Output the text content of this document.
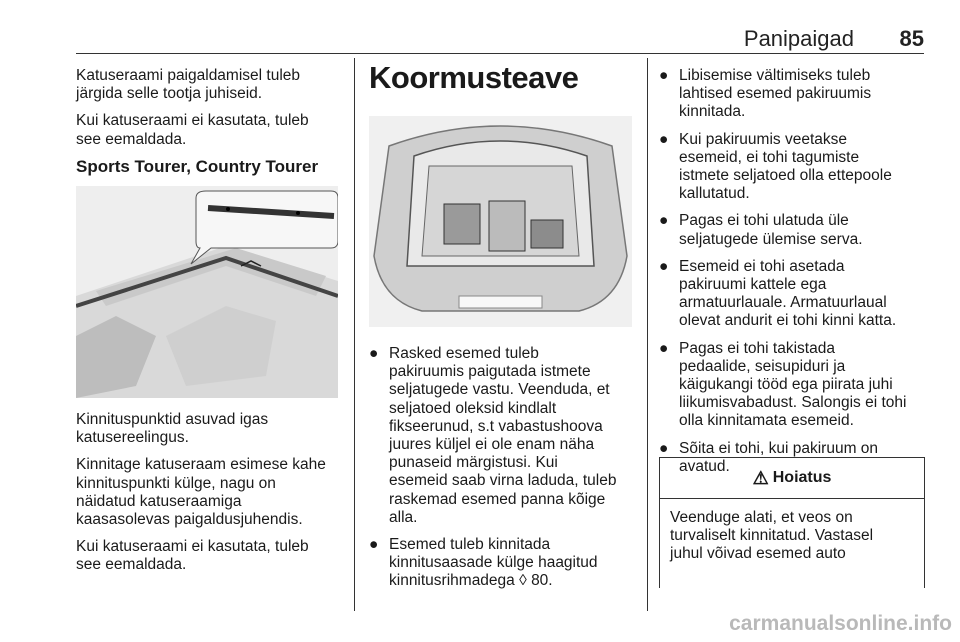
Panipaigad 85

Katuseraami paigaldamisel tuleb
järgida selle tootja juhiseid.

Kui katuseraami ei kasutata, tuleb
see eemaldada.

Sports Tourer, Country Tourer

Kinnituspunktid asuvad igas
katusereelingus.

Kinnitage katuseraam esimese kahe
kinnituspunkti külge, nagu on
näidatud katuseraamiga
kaasasolevas paigaldusjuhendis.

Kui katuseraami ei kasutata, tuleb
see eemaldada.

Koormusteave
● Rasked esemed tuleb
pakiruumis paigutada istmete
seljatugede vastu. Veenduda, et
seljatoed oleksid kindlalt
fikseerunud, s.t vabastushoova
juures küljel ei ole enam näha
punaseid märgistusi. Kui
esemeid saab virna laduda, tuleb
raskemad esemed panna kõige
alla.
● Esemed tuleb kinnitada
kinnitusaasade külge haagitud
kinnitusrihmadega ◊ 80.
● Libisemise vältimiseks tuleb
lahtised esemed pakiruumis
kinnitada.
● Kui pakiruumis veetakse
esemeid, ei tohi tagumiste
istmete seljatoed olla ettepoole
kallutatud.
● Pagas ei tohi ulatuda üle
seljatugede ülemise serva.
● Esemeid ei tohi asetada
pakiruumi kattele ega
armatuurlauale. Armatuurlaual
olevat andurit ei tohi kinni katta.
● Pagas ei tohi takistada
pedaalide, seisupiduri ja
käigukangi tööd ega piirata juhi
liikumisvabadust. Salongis ei tohi
olla kinnitamata esemeid.
● Sõita ei tohi, kui pakiruum on
avatud.
⚠ Hoiatus
Veenduge alati, et veos on
turvaliselt kinnitatud. Vastasel
juhul võivad esemed auto
carmanualsonline.info
